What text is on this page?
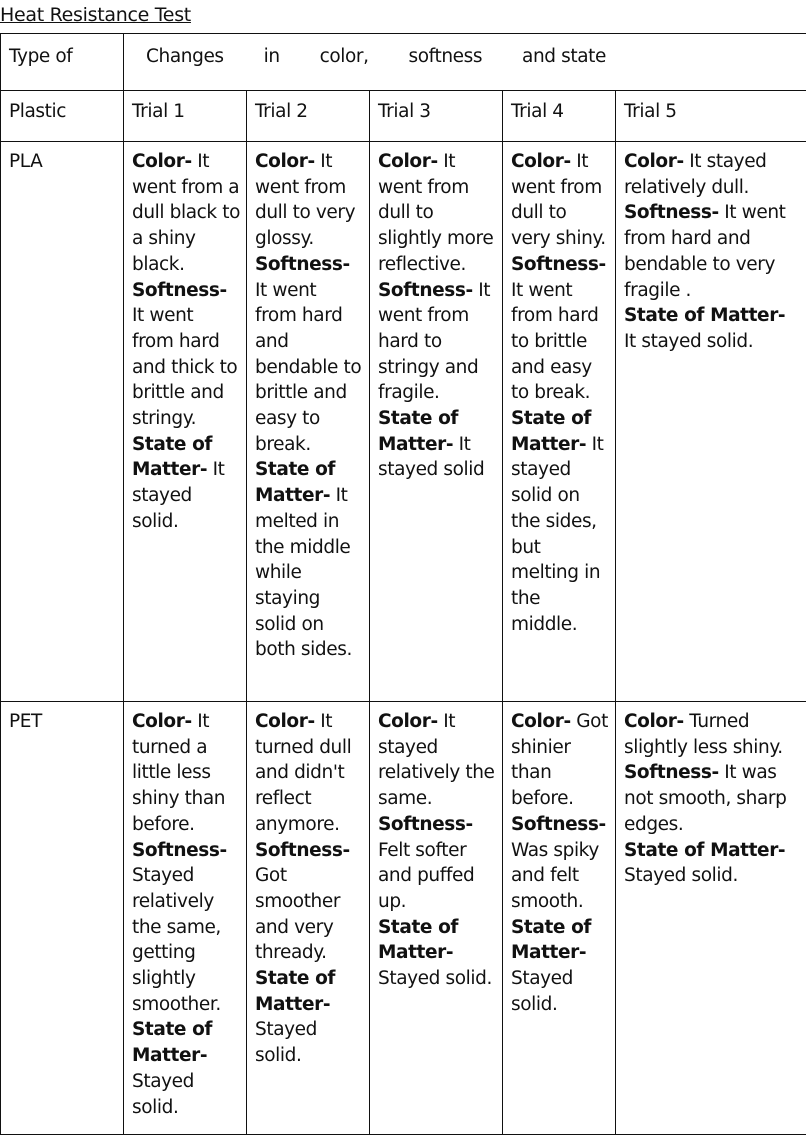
Heat Resistance Test
Type of	Changes in color, softness and state				

Plastic	Trial 1	Trial 2	Trial 3	Trial 4	Trial 5
PLA	Color- It went from a dull black to a shiny black.
Softness- It went from hard and thick to brittle and stringy.
State of Matter- It stayed solid.	Color- It went from dull to very glossy.
Softness- It went from hard and bendable to brittle and easy to break.
State of Matter- It melted in the middle while staying solid on both sides.	Color- It went from dull to slightly more reflective.
Softness- It went from hard to stringy and fragile.
State of Matter- It stayed solid	Color- It went from dull to very shiny.
Softness- It went from hard to brittle and easy to break.
State of Matter- It stayed solid on the sides, but melting in the middle.	Color- It stayed relatively dull.
Softness- It went from hard and bendable to very fragile .
State of Matter- It stayed solid.

PET	Color- It turned a little less shiny than before.
Softness- Stayed relatively the same, getting slightly smoother.
State of Matter- Stayed solid.	Color- It turned dull and didn't reflect anymore.
Softness- Got smoother and very thready.
State of Matter- Stayed solid.	Color- It stayed relatively the same.
Softness- Felt softer and puffed up.
State of Matter- Stayed solid.	Color- Got shinier than before.
Softness- Was spiky and felt smooth.
State of Matter- Stayed solid.	Color- Turned slightly less shiny.
Softness- It was not smooth, sharp edges.
State of Matter- Stayed solid.
